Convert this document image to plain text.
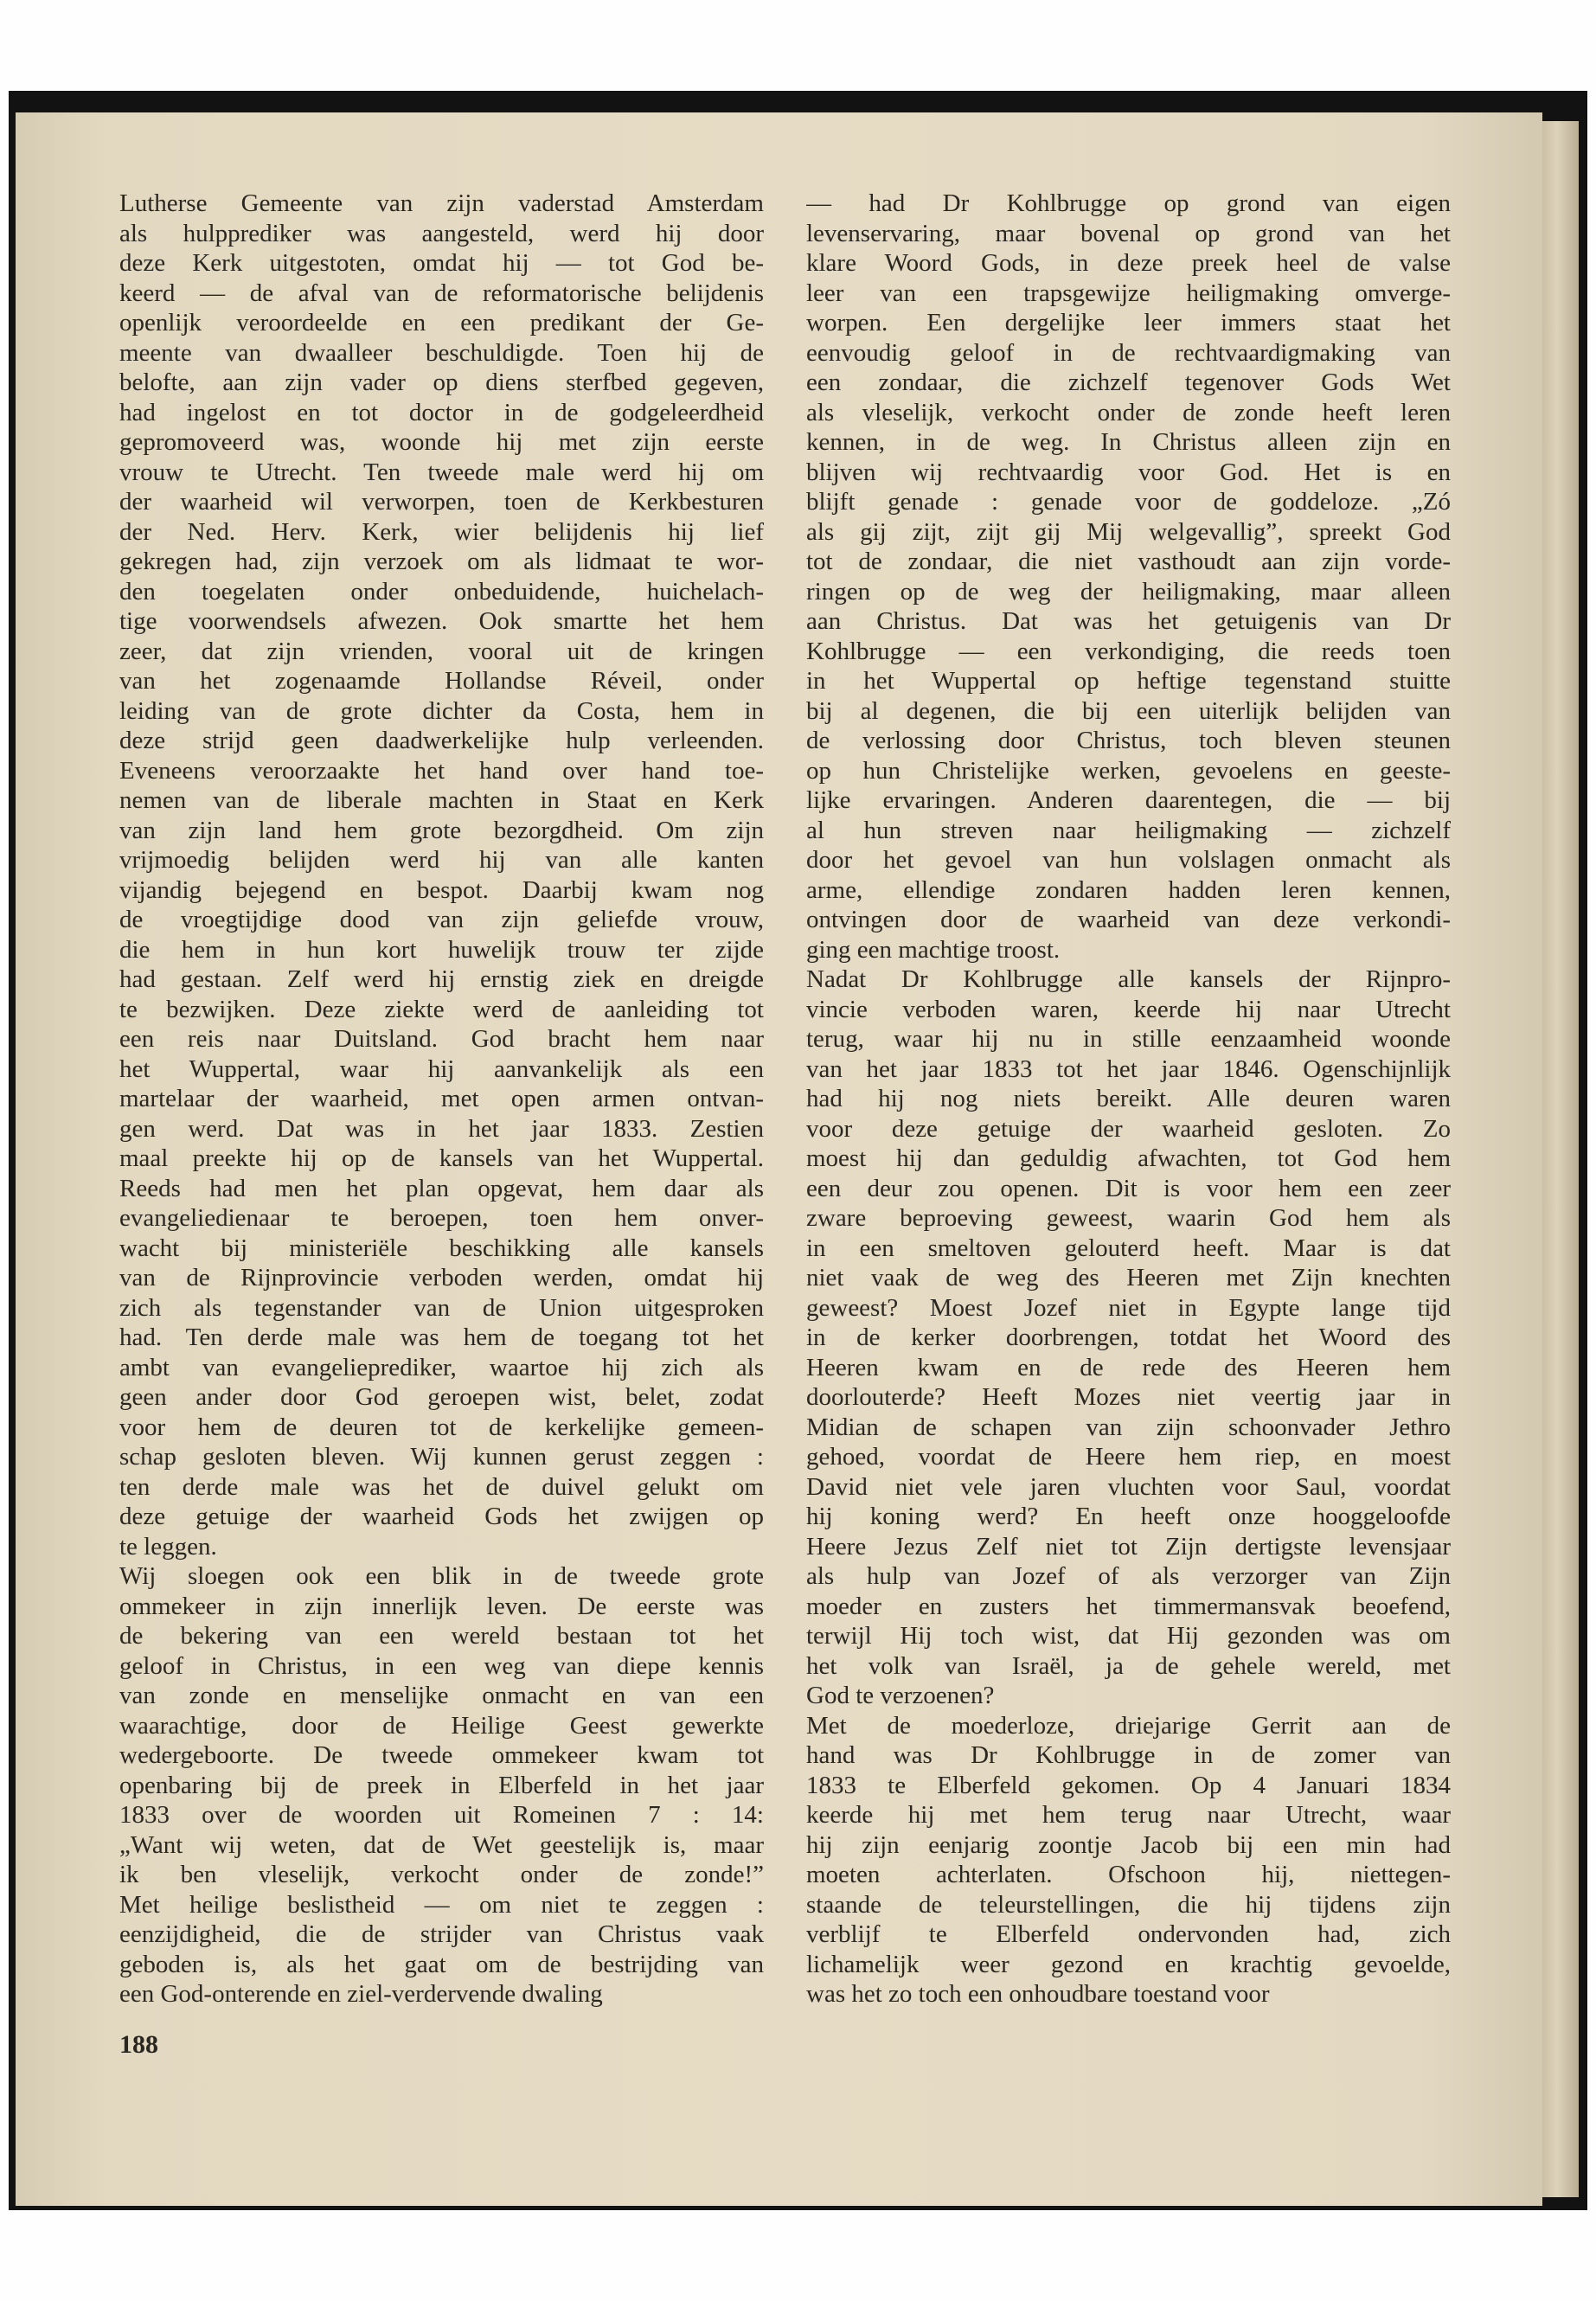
Lutherse Gemeente van zijn vaderstad Amsterdam
als hulpprediker was aangesteld, werd hij door
deze Kerk uitgestoten, omdat hij — tot God be-
keerd — de afval van de reformatorische belijdenis
openlijk veroordeelde en een predikant der Ge-
meente van dwaalleer beschuldigde. Toen hij de
belofte, aan zijn vader op diens sterfbed gegeven,
had ingelost en tot doctor in de godgeleerdheid
gepromoveerd was, woonde hij met zijn eerste
vrouw te Utrecht. Ten tweede male werd hij om
der waarheid wil verworpen, toen de Kerkbesturen
der Ned. Herv. Kerk, wier belijdenis hij lief
gekregen had, zijn verzoek om als lidmaat te wor-
den toegelaten onder onbeduidende, huichelach-
tige voorwendsels afwezen. Ook smartte het hem
zeer, dat zijn vrienden, vooral uit de kringen
van het zogenaamde Hollandse Réveil, onder
leiding van de grote dichter da Costa, hem in
deze strijd geen daadwerkelijke hulp verleenden.
Eveneens veroorzaakte het hand over hand toe-
nemen van de liberale machten in Staat en Kerk
van zijn land hem grote bezorgdheid. Om zijn
vrijmoedig belijden werd hij van alle kanten
vijandig bejegend en bespot. Daarbij kwam nog
de vroegtijdige dood van zijn geliefde vrouw,
die hem in hun kort huwelijk trouw ter zijde
had gestaan. Zelf werd hij ernstig ziek en dreigde
te bezwijken. Deze ziekte werd de aanleiding tot
een reis naar Duitsland. God bracht hem naar
het Wuppertal, waar hij aanvankelijk als een
martelaar der waarheid, met open armen ontvan-
gen werd. Dat was in het jaar 1833. Zestien
maal preekte hij op de kansels van het Wuppertal.
Reeds had men het plan opgevat, hem daar als
evangeliedienaar te beroepen, toen hem onver-
wacht bij ministeriële beschikking alle kansels
van de Rijnprovincie verboden werden, omdat hij
zich als tegenstander van de Union uitgesproken
had. Ten derde male was hem de toegang tot het
ambt van evangelieprediker, waartoe hij zich als
geen ander door God geroepen wist, belet, zodat
voor hem de deuren tot de kerkelijke gemeen-
schap gesloten bleven. Wij kunnen gerust zeggen :
ten derde male was het de duivel gelukt om
deze getuige der waarheid Gods het zwijgen op
te leggen.
Wij sloegen ook een blik in de tweede grote
ommekeer in zijn innerlijk leven. De eerste was
de bekering van een wereld bestaan tot het
geloof in Christus, in een weg van diepe kennis
van zonde en menselijke onmacht en van een
waarachtige, door de Heilige Geest gewerkte
wedergeboorte. De tweede ommekeer kwam tot
openbaring bij de preek in Elberfeld in het jaar
1833 over de woorden uit Romeinen 7 : 14:
„Want wij weten, dat de Wet geestelijk is, maar
ik ben vleselijk, verkocht onder de zonde!”
Met heilige beslistheid — om niet te zeggen :
eenzijdigheid, die de strijder van Christus vaak
geboden is, als het gaat om de bestrijding van
een God-onterende en ziel-verdervende dwaling
— had Dr Kohlbrugge op grond van eigen
levenservaring, maar bovenal op grond van het
klare Woord Gods, in deze preek heel de valse
leer van een trapsgewijze heiligmaking omverge-
worpen. Een dergelijke leer immers staat het
eenvoudig geloof in de rechtvaardigmaking van
een zondaar, die zichzelf tegenover Gods Wet
als vleselijk, verkocht onder de zonde heeft leren
kennen, in de weg. In Christus alleen zijn en
blijven wij rechtvaardig voor God. Het is en
blijft genade : genade voor de goddeloze. „Zó
als gij zijt, zijt gij Mij welgevallig”, spreekt God
tot de zondaar, die niet vasthoudt aan zijn vorde-
ringen op de weg der heiligmaking, maar alleen
aan Christus. Dat was het getuigenis van Dr
Kohlbrugge — een verkondiging, die reeds toen
in het Wuppertal op heftige tegenstand stuitte
bij al degenen, die bij een uiterlijk belijden van
de verlossing door Christus, toch bleven steunen
op hun Christelijke werken, gevoelens en geeste-
lijke ervaringen. Anderen daarentegen, die — bij
al hun streven naar heiligmaking — zichzelf
door het gevoel van hun volslagen onmacht als
arme, ellendige zondaren hadden leren kennen,
ontvingen door de waarheid van deze verkondi-
ging een machtige troost.
Nadat Dr Kohlbrugge alle kansels der Rijnpro-
vincie verboden waren, keerde hij naar Utrecht
terug, waar hij nu in stille eenzaamheid woonde
van het jaar 1833 tot het jaar 1846. Ogenschijnlijk
had hij nog niets bereikt. Alle deuren waren
voor deze getuige der waarheid gesloten. Zo
moest hij dan geduldig afwachten, tot God hem
een deur zou openen. Dit is voor hem een zeer
zware beproeving geweest, waarin God hem als
in een smeltoven gelouterd heeft. Maar is dat
niet vaak de weg des Heeren met Zijn knechten
geweest? Moest Jozef niet in Egypte lange tijd
in de kerker doorbrengen, totdat het Woord des
Heeren kwam en de rede des Heeren hem
doorlouterde? Heeft Mozes niet veertig jaar in
Midian de schapen van zijn schoonvader Jethro
gehoed, voordat de Heere hem riep, en moest
David niet vele jaren vluchten voor Saul, voordat
hij koning werd? En heeft onze hooggeloofde
Heere Jezus Zelf niet tot Zijn dertigste levensjaar
als hulp van Jozef of als verzorger van Zijn
moeder en zusters het timmermansvak beoefend,
terwijl Hij toch wist, dat Hij gezonden was om
het volk van Israël, ja de gehele wereld, met
God te verzoenen?
Met de moederloze, driejarige Gerrit aan de
hand was Dr Kohlbrugge in de zomer van
1833 te Elberfeld gekomen. Op 4 Januari 1834
keerde hij met hem terug naar Utrecht, waar
hij zijn eenjarig zoontje Jacob bij een min had
moeten achterlaten. Ofschoon hij, niettegen-
staande de teleurstellingen, die hij tijdens zijn
verblijf te Elberfeld ondervonden had, zich
lichamelijk weer gezond en krachtig gevoelde,
was het zo toch een onhoudbare toestand voor
188
